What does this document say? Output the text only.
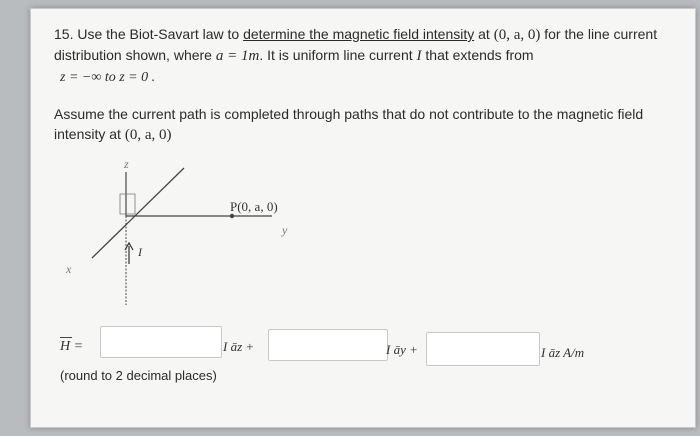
15. Use the Biot-Savart law to determine the magnetic field intensity at (0, a, 0) for the line current
distribution shown, where a = 1m. It is uniform line current I that extends from
z = −∞ to z = 0 .
Assume the current path is completed through paths that do not contribute to the magnetic field
intensity at (0, a, 0)
z
x
y
P(0, a, 0)
I
H =	I āz +	I āy +	I āz A/m
(round to 2 decimal places)
